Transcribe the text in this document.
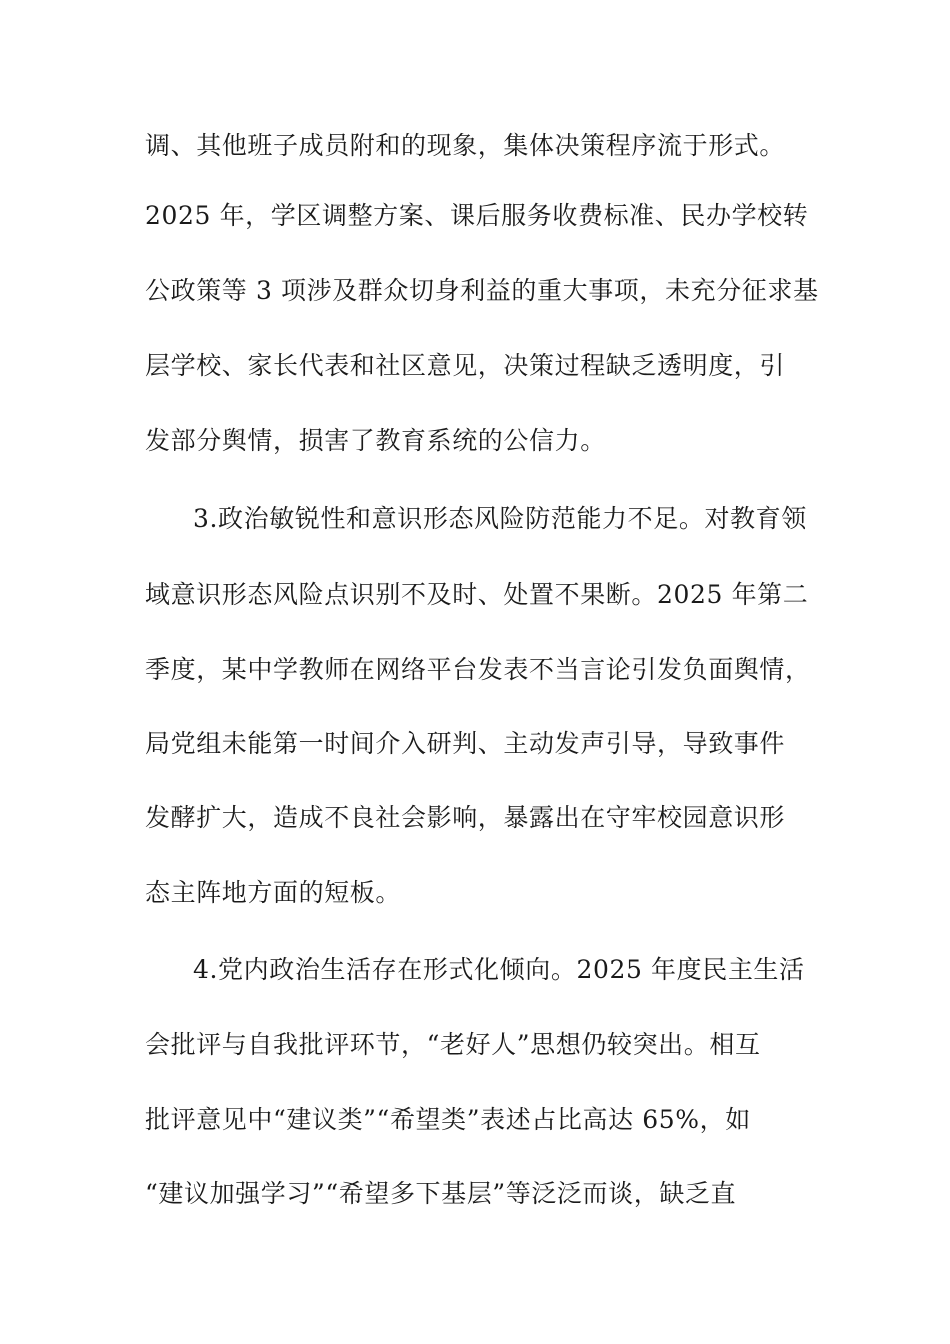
调、其他班子成员附和的现象，集体决策程序流于形式。
2025 年，学区调整方案、课后服务收费标准、民办学校转
公政策等 3 项涉及群众切身利益的重大事项，未充分征求基
层学校、家长代表和社区意见，决策过程缺乏透明度，引
发部分舆情，损害了教育系统的公信力。
3.政治敏锐性和意识形态风险防范能力不足。对教育领
域意识形态风险点识别不及时、处置不果断。2025 年第二
季度，某中学教师在网络平台发表不当言论引发负面舆情，
局党组未能第一时间介入研判、主动发声引导，导致事件
发酵扩大，造成不良社会影响，暴露出在守牢校园意识形
态主阵地方面的短板。
4.党内政治生活存在形式化倾向。2025 年度民主生活
会批评与自我批评环节，“老好人”思想仍较突出。相互
批评意见中“建议类”“希望类”表述占比高达 65%，如
“建议加强学习”“希望多下基层”等泛泛而谈，缺乏直
